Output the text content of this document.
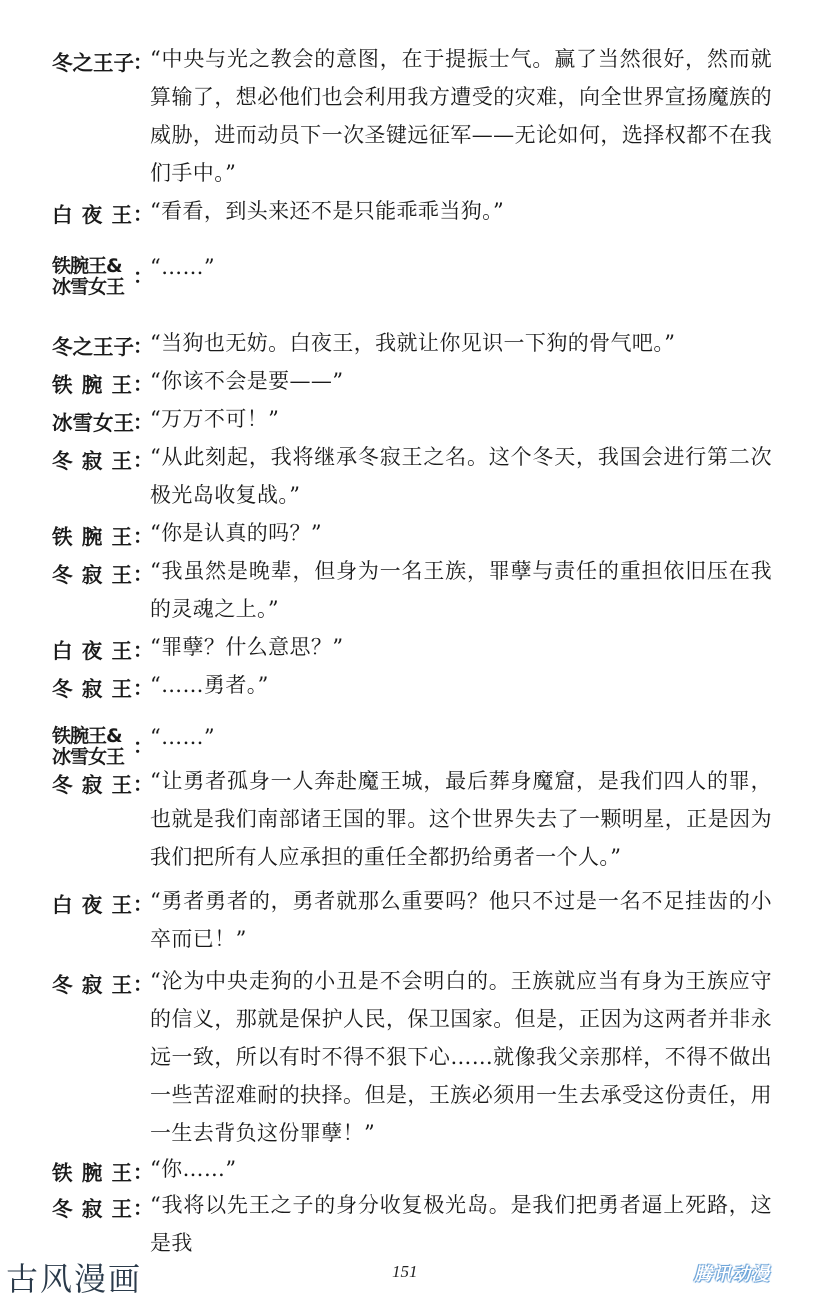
冬之王子 ：
“中央与光之教会的意图，在于提振士气。赢了当然很好，然而就算输了，想必他们也会利用我方遭受的灾难，向全世界宣扬魔族的威胁，进而动员下一次圣键远征军——无论如何，选择权都不在我们手中。”
白 夜 王 ：
“看看，到头来还不是只能乖乖当狗。”
铁腕王&
冰雪女王 ：
“……”
冬之王子 ：
“当狗也无妨。白夜王，我就让你见识一下狗的骨气吧。”
铁 腕 王 ：
“你该不会是要——”
冰雪女王 ：
“万万不可！”
冬 寂 王 ：
“从此刻起，我将继承冬寂王之名。这个冬天，我国会进行第二次极光岛收复战。”
铁 腕 王 ：
“你是认真的吗？”
冬 寂 王 ：
“我虽然是晚辈，但身为一名王族，罪孽与责任的重担依旧压在我的灵魂之上。”
白 夜 王 ：
“罪孽？什么意思？”
冬 寂 王 ：
“……勇者。”
铁腕王&
冰雪女王 ：
“……”
冬 寂 王 ：
“让勇者孤身一人奔赴魔王城，最后葬身魔窟，是我们四人的罪，也就是我们南部诸王国的罪。这个世界失去了一颗明星，正是因为我们把所有人应承担的重任全都扔给勇者一个人。”
白 夜 王 ：
“勇者勇者的，勇者就那么重要吗？他只不过是一名不足挂齿的小卒而已！”
冬 寂 王 ：
“沦为中央走狗的小丑是不会明白的。王族就应当有身为王族应守的信义，那就是保护人民，保卫国家。但是，正因为这两者并非永远一致，所以有时不得不狠下心……就像我父亲那样，不得不做出一些苦涩难耐的抉择。但是，王族必须用一生去承受这份责任，用一生去背负这份罪孽！”
铁 腕 王 ：
“你……”
冬 寂 王 ：
“我将以先王之子的身分收复极光岛。是我们把勇者逼上死路，这是我
古风漫画	151	腾讯动漫
